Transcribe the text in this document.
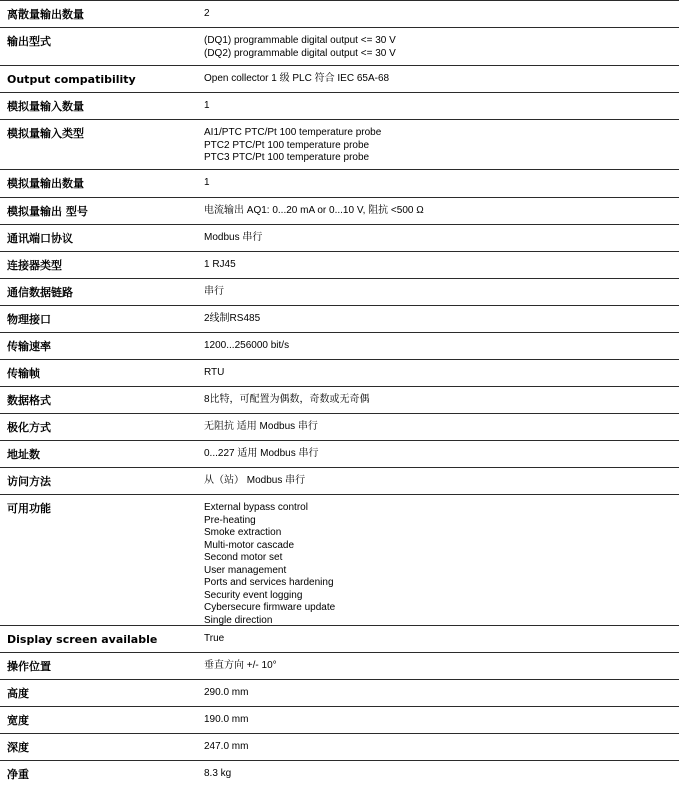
离散量输出数量	2
输出型式	(DQ1) programmable digital output <= 30 V
(DQ2) programmable digital output <= 30 V
Output compatibility	Open collector 1 级 PLC 符合 IEC 65A-68
模拟量输入数量	1
模拟量输入类型	AI1/PTC PTC/Pt 100 temperature probe
PTC2 PTC/Pt 100 temperature probe
PTC3 PTC/Pt 100 temperature probe
模拟量输出数量	1
模拟量输出 型号	电流输出 AQ1: 0...20 mA or 0...10 V, 阻抗 <500 Ω
通讯端口协议	Modbus 串行
连接器类型	1 RJ45
通信数据链路	串行
物理接口	2线制RS485
传输速率	1200...256000 bit/s
传输帧	RTU
数据格式	8比特，可配置为偶数，奇数或无奇偶
极化方式	无阻抗 适用 Modbus 串行
地址数	0...227 适用 Modbus 串行
访问方法	从（站） Modbus 串行
可用功能	External bypass control
Pre-heating
Smoke extraction
Multi-motor cascade
Second motor set
User management
Ports and services hardening
Security event logging
Cybersecure firmware update
Single direction
Display screen available	True
操作位置	垂直方向 +/- 10°
高度	290.0 mm
宽度	190.0 mm
深度	247.0 mm
净重	8.3 kg
